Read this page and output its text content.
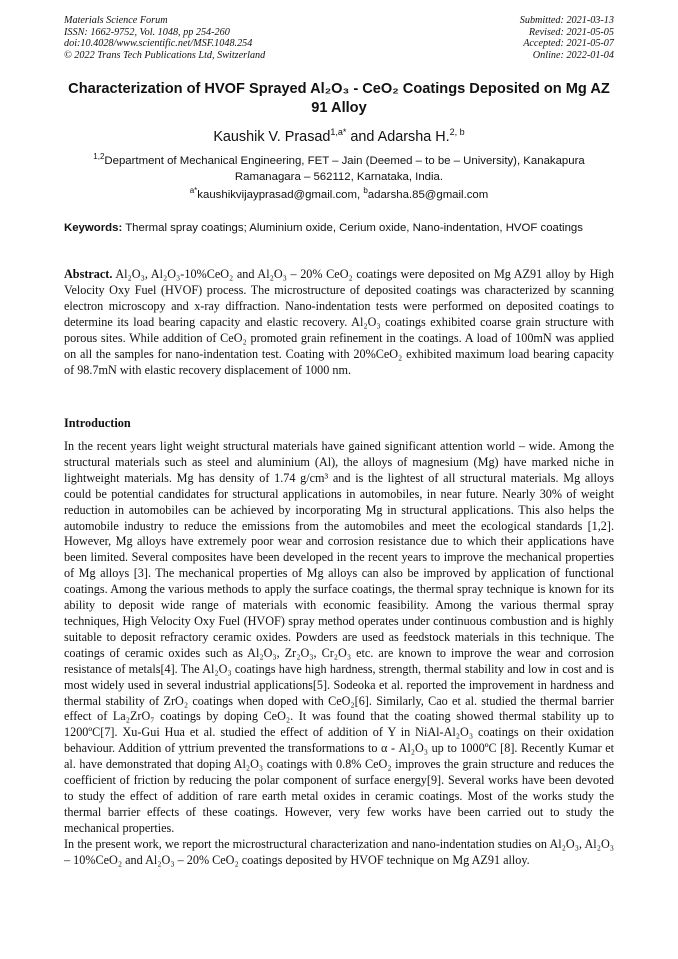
Materials Science Forum
ISSN: 1662-9752, Vol. 1048, pp 254-260
doi:10.4028/www.scientific.net/MSF.1048.254
© 2022 Trans Tech Publications Ltd, Switzerland
Submitted: 2021-03-13
Revised: 2021-05-05
Accepted: 2021-05-07
Online: 2022-01-04
Characterization of HVOF Sprayed Al₂O₃ - CeO₂ Coatings Deposited on Mg AZ 91 Alloy
Kaushik V. Prasad$^{1,a*}$ and Adarsha H.$^{2, b}$
$^{1,2}$Department of Mechanical Engineering, FET – Jain (Deemed – to be – University), Kanakapura Ramanagara – 562112, Karnataka, India.
$^{a*}$kaushikvijayprasad@gmail.com, $^b$adarsha.85@gmail.com
Keywords: Thermal spray coatings; Aluminium oxide, Cerium oxide, Nano-indentation, HVOF coatings
Abstract. Al₂O₃, Al₂O₃-10%CeO₂ and Al₂O₃ – 20% CeO₂ coatings were deposited on Mg AZ91 alloy by High Velocity Oxy Fuel (HVOF) process. The microstructure of deposited coatings was characterized by scanning electron microscopy and x-ray diffraction. Nano-indentation tests were performed on deposited coatings to determine its load bearing capacity and elastic recovery. Al₂O₃ coatings exhibited coarse grain structure with porous sites. While addition of CeO₂ promoted grain refinement in the coatings. A load of 100mN was applied on all the samples for nano-indentation test. Coating with 20%CeO₂ exhibited maximum load bearing capacity of 98.7mN with elastic recovery displacement of 1000 nm.
Introduction

In the recent years light weight structural materials have gained significant attention world – wide. Among the structural materials such as steel and aluminium (Al), the alloys of magnesium (Mg) have marked niche in lightweight materials. Mg has density of 1.74 g/cm³ and is the lightest of all structural materials. Mg alloys could be potential candidates for structural applications in automobiles, in near future. Nearly 30% of weight reduction in automobiles can be achieved by incorporating Mg in structural applications. This also helps the automobile industry to reduce the emissions from the automobiles and meet the ecological standards [1,2]. However, Mg alloys have extremely poor wear and corrosion resistance due to which their applications have been limited. Several composites have been developed in the recent years to improve the mechanical properties of Mg alloys [3]. The mechanical properties of Mg alloys can also be improved by application of functional coatings. Among the various methods to apply the surface coatings, the thermal spray technique is known for its ability to deposit wide range of materials with economic feasibility. Among the various thermal spray techniques, High Velocity Oxy Fuel (HVOF) spray method operates under continuous combustion and is highly suitable to deposit refractory ceramic oxides. Powders are used as feedstock materials in this technique. The coatings of ceramic oxides such as Al₂O₃, Zr₂O₃, Cr₂O₃ etc. are known to improve the wear and corrosion resistance of metals[4]. The Al₂O₃ coatings have high hardness, strength, thermal stability and low in cost and is most widely used in several industrial applications[5]. Sodeoka et al. reported the improvement in hardness and thermal stability of ZrO₂ coatings when doped with CeO₂[6]. Similarly, Cao et al. studied the thermal barrier effect of La₂ZrO₇ coatings by doping CeO₂. It was found that the coating showed thermal stability up to 1200ºC[7]. Xu-Gui Hua et al. studied the effect of addition of Y in NiAl-Al₂O₃ coatings on their oxidation behaviour. Addition of yttrium prevented the transformations to α - Al₂O₃ up to 1000ºC [8]. Recently Kumar et al. have demonstrated that doping Al₂O₃ coatings with 0.8% CeO₂ improves the grain structure and reduces the coefficient of friction by reducing the polar component of surface energy[9]. Several works have been devoted to study the effect of addition of rare earth metal oxides in ceramic coatings. Most of the works study the thermal barrier effects of these coatings. However, very few works have been carried out to study the mechanical properties.

In the present work, we report the microstructural characterization and nano-indentation studies on Al₂O₃, Al₂O₃ – 10%CeO₂ and Al₂O₃ – 20% CeO₂ coatings deposited by HVOF technique on Mg AZ91 alloy.
